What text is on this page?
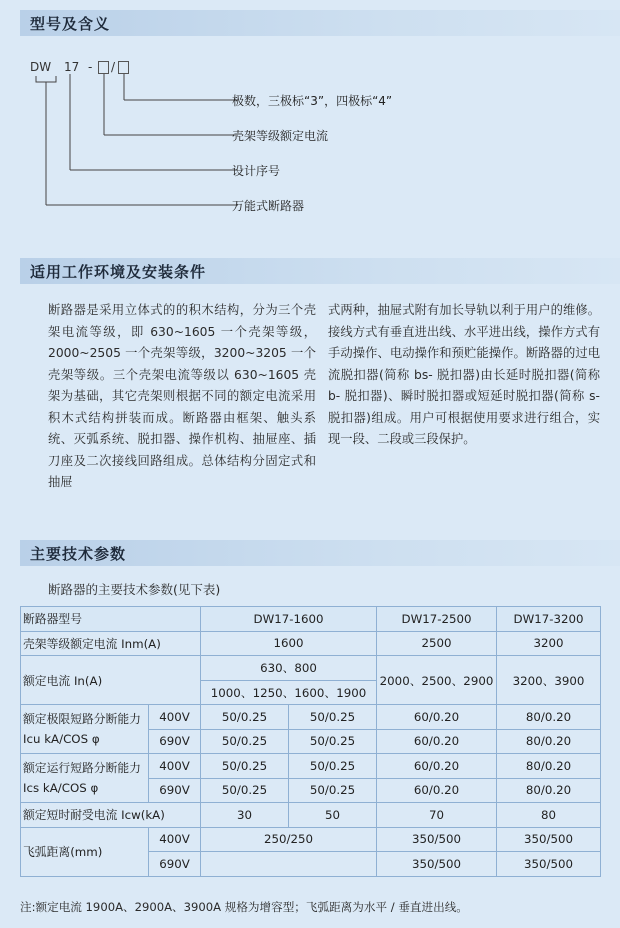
型号及含义
DW 17 - /
极数，三极标“3”，四极标“4”
壳架等级额定电流
设计序号
万能式断路器
适用工作环境及安装条件
断路器是采用立体式的的积木结构，分为三个壳架电流等级，即 630~1605 一个壳架等级，2000~2505 一个壳架等级，3200~3205 一个壳架等级。三个壳架电流等级以 630~1605 壳架为基础，其它壳架则根据不同的额定电流采用积木式结构拼装而成。断路器由框架、触头系统、灭弧系统、脱扣器、操作机构、抽屉座、插刀座及二次接线回路组成。总体结构分固定式和抽屉
式两种，抽屉式附有加长导轨以利于用户的维修。接线方式有垂直进出线、水平进出线，操作方式有手动操作、电动操作和预贮能操作。断路器的过电流脱扣器(简称 bs- 脱扣器)由长延时脱扣器(简称 b- 脱扣器)、瞬时脱扣器或短延时脱扣器(简称 s- 脱扣器)组成。用户可根据使用要求进行组合，实现一段、二段或三段保护。
主要技术参数
断路器的主要技术参数(见下表)
断路器型号		DW17-1600		DW17-2500	DW17-3200
壳架等级额定电流 Inm(A)		1600		2500	3200
额定电流 In(A)		630、800		2000、2500、2900	3200、3900
		1000、1250、1600、1900			
额定极限短路分断能力 Icu kA/COS φ	400V	50/0.25	50/0.25	60/0.20	80/0.20
	690V	50/0.25	50/0.25	60/0.20	80/0.20
额定运行短路分断能力 Ics kA/COS φ	400V	50/0.25	50/0.25	60/0.20	80/0.20
	690V	50/0.25	50/0.25	60/0.20	80/0.20
额定短时耐受电流 Icw(kA)		30	50	70	80
飞弧距离(mm)	400V	250/250		350/500	350/500
	690V			350/500	350/500
注:额定电流 1900A、2900A、3900A 规格为增容型；飞弧距离为水平 / 垂直进出线。
